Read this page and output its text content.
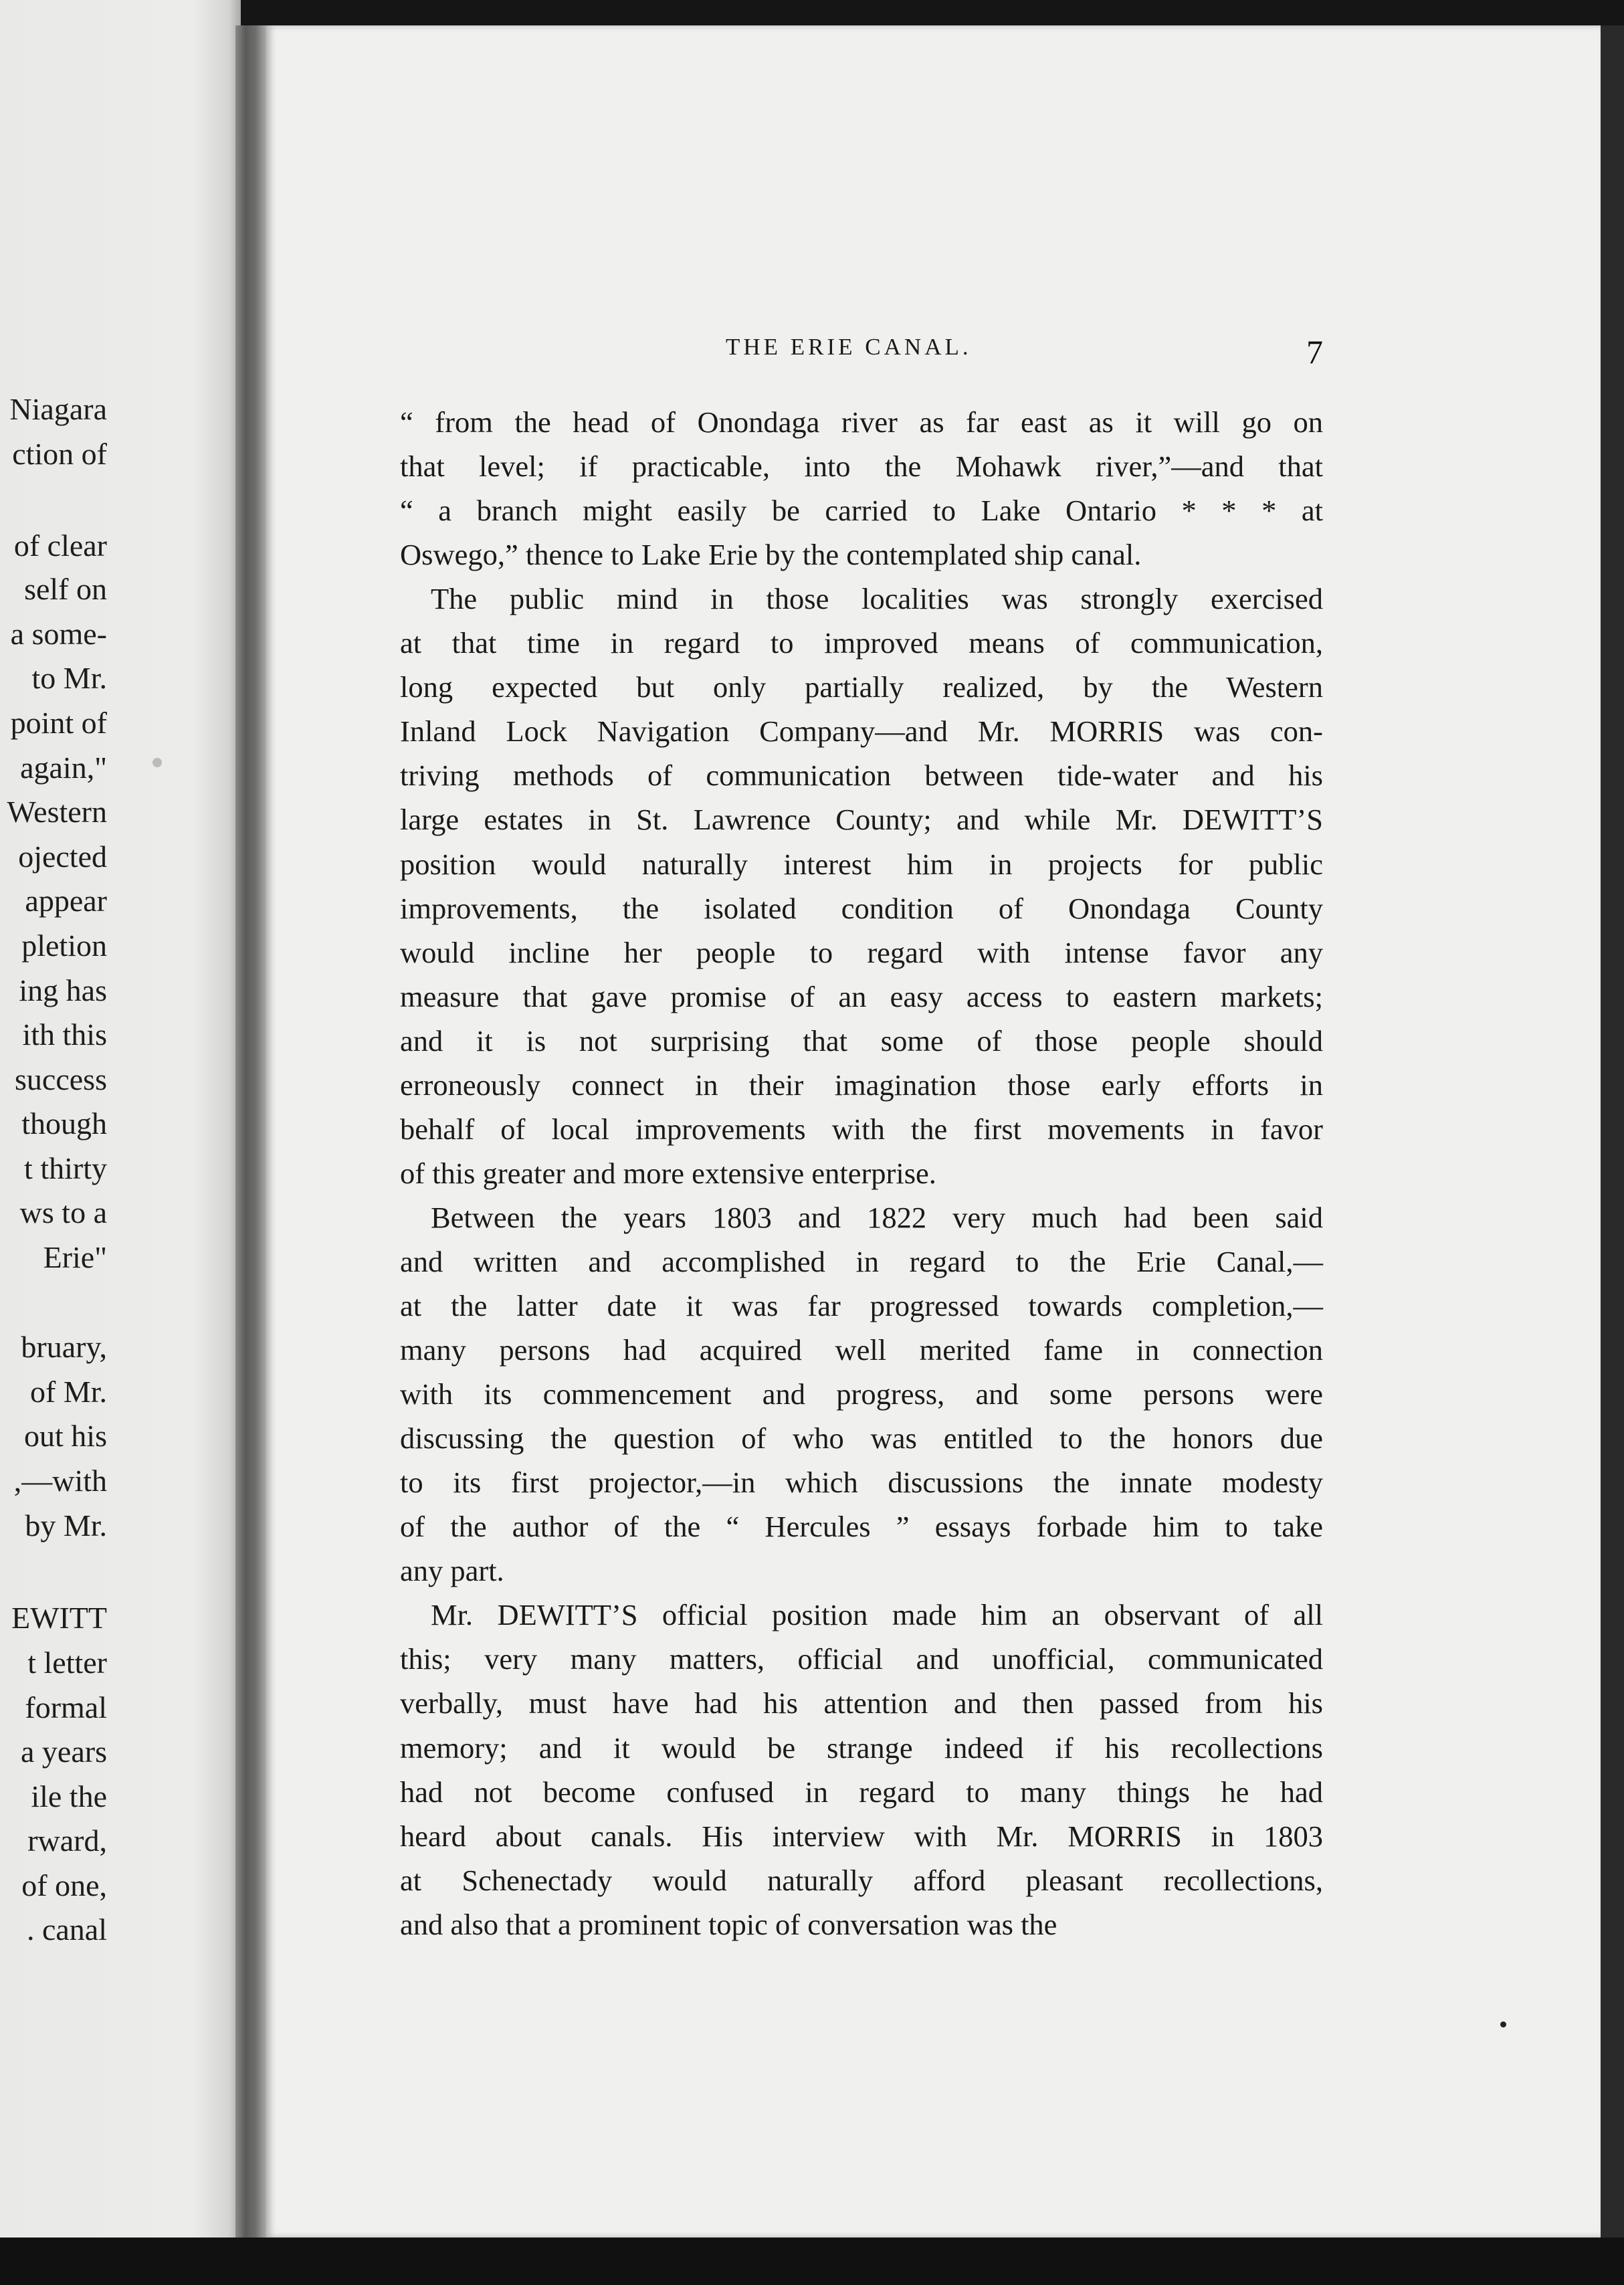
Niagara
ction of
of clear
self on
a some-
to Mr.
point of
again,"
Western
ojected
appear
pletion
ing has
ith this
success
though
t thirty
ws to a
Erie"
bruary,
of Mr.
out his
,—with
by Mr.
EWITT
t letter
formal
a years
ile the
rward,
of one,
. canal
THE ERIE CANAL.	7
“ from the head of Onondaga river as far east as it will go on
that level; if practicable, into the Mohawk river,”—and that
“ a branch might easily be carried to Lake Ontario * * * at
Oswego,” thence to Lake Erie by the contemplated ship canal.
The public mind in those localities was strongly exercised
at that time in regard to improved means of communication,
long expected but only partially realized, by the Western
Inland Lock Navigation Company—and Mr. MORRIS was con-
triving methods of communication between tide-water and his
large estates in St. Lawrence County; and while Mr. DEWITT’S
position would naturally interest him in projects for public
improvements, the isolated condition of Onondaga County
would incline her people to regard with intense favor any
measure that gave promise of an easy access to eastern markets;
and it is not surprising that some of those people should
erroneously connect in their imagination those early efforts in
behalf of local improvements with the first movements in favor
of this greater and more extensive enterprise.
Between the years 1803 and 1822 very much had been said
and written and accomplished in regard to the Erie Canal,—
at the latter date it was far progressed towards completion,—
many persons had acquired well merited fame in connection
with its commencement and progress, and some persons were
discussing the question of who was entitled to the honors due
to its first projector,—in which discussions the innate modesty
of the author of the “ Hercules ” essays forbade him to take
any part.
Mr. DEWITT’S official position made him an observant of all
this; very many matters, official and unofficial, communicated
verbally, must have had his attention and then passed from his
memory; and it would be strange indeed if his recollections
had not become confused in regard to many things he had
heard about canals. His interview with Mr. MORRIS in 1803
at Schenectady would naturally afford pleasant recollections,
and also that a prominent topic of conversation was the
